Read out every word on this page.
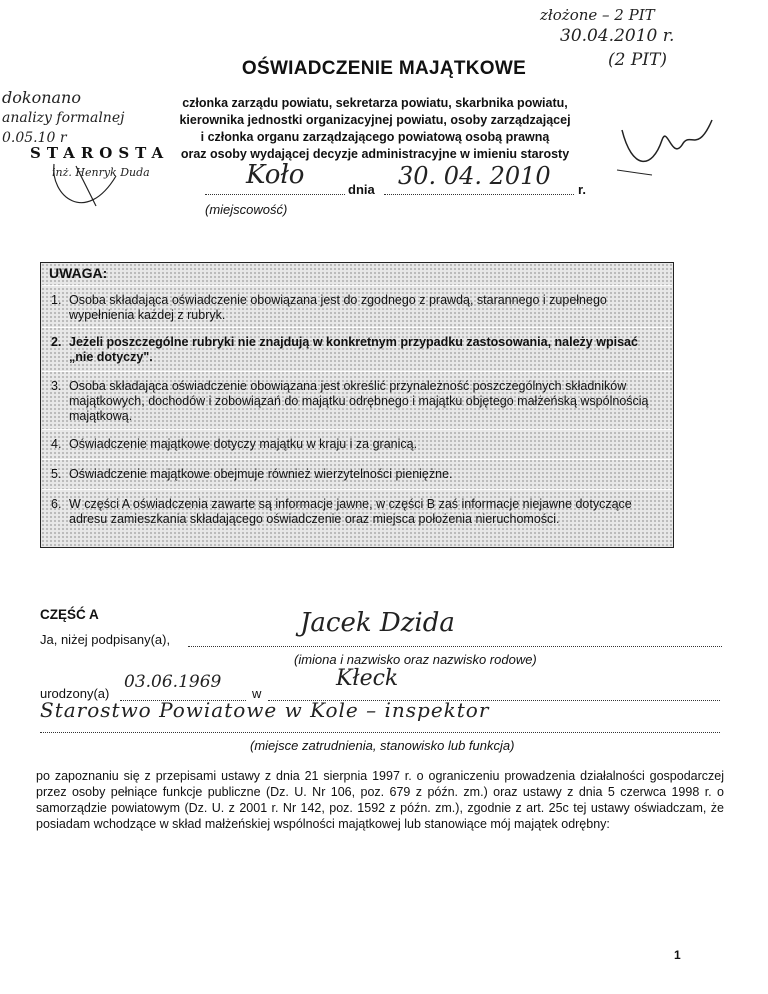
złożone – 2 PIT
30.04.2010 r.
(2 PIT)
OŚWIADCZENIE MAJĄTKOWE
dokonano
analizy formalnej
0.05.10 r
STAROSTA
inż. Henryk Duda
członka zarządu powiatu, sekretarza powiatu, skarbnika powiatu,
kierownika jednostki organizacyjnej powiatu, osoby zarządzającej
i członka organu zarządzającego powiatową osobą prawną
oraz osoby wydającej decyzje administracyjne w imieniu starosty
Koło	dnia 30. 04. 2010 r.
(miejscowość)
UWAGA:
1. Osoba składająca oświadczenie obowiązana jest do zgodnego z prawdą, starannego i zupełnego wypełnienia każdej z rubryk.
2. Jeżeli poszczególne rubryki nie znajdują w konkretnym przypadku zastosowania, należy wpisać „nie dotyczy".
3. Osoba składająca oświadczenie obowiązana jest określić przynależność poszczególnych składników majątkowych, dochodów i zobowiązań do majątku odrębnego i majątku objętego małżeńską wspólnością majątkową.
4. Oświadczenie majątkowe dotyczy majątku w kraju i za granicą.
5. Oświadczenie majątkowe obejmuje również wierzytelności pieniężne.
6. W części A oświadczenia zawarte są informacje jawne, w części B zaś informacje niejawne dotyczące adresu zamieszkania składającego oświadczenie oraz miejsca położenia nieruchomości.
CZĘŚĆ A
Ja, niżej podpisany(a),
Jacek Dzida
(imiona i nazwisko oraz nazwisko rodowe)
urodzony(a)
03.06.1969
w
Kłeck
Starostwo Powiatowe w Kole – inspektor
(miejsce zatrudnienia, stanowisko lub funkcja)
po zapoznaniu się z przepisami ustawy z dnia 21 sierpnia 1997 r. o ograniczeniu prowadzenia działalności gospodarczej przez osoby pełniące funkcje publiczne (Dz. U. Nr 106, poz. 679 z późn. zm.) oraz ustawy z dnia 5 czerwca 1998 r. o samorządzie powiatowym (Dz. U. z 2001 r. Nr 142, poz. 1592 z późn. zm.), zgodnie z art. 25c tej ustawy oświadczam, że posiadam wchodzące w skład małżeńskiej wspólności majątkowej lub stanowiące mój majątek odrębny:
1
